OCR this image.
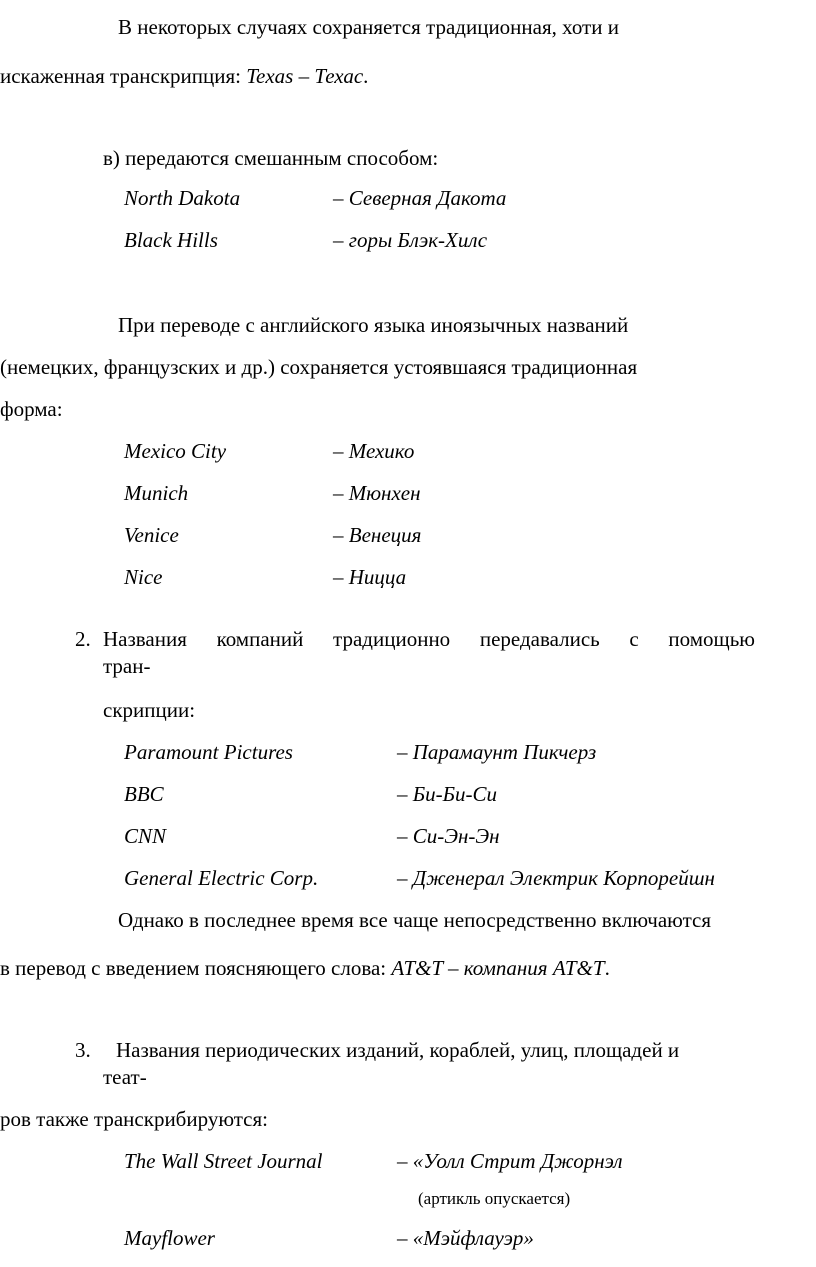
В некоторых случаях сохраняется традиционная, хоти и
искаженная транскрипция: Texas – Техас.
в) передаются смешанным способом:
North Dakota	– Северная Дакота
Black Hills	– горы Блэк-Хилс
При переводе с английского языка иноязычных названий
(немецких, французских и др.) сохраняется устоявшаяся традиционная
форма:
Mexico City	– Мехико
Munich	– Мюнхен
Venice	– Венеция
Nice	– Ницца
2. Названия компаний традиционно передавались с помощью
тран-
скрипции:
Paramount Pictures	– Парамаунт Пикчерз
BBC	– Би-Би-Си
CNN	– Си-Эн-Эн
General Electric Corp.	– Дженерал Электрик Корпорейшн
Однако в последнее время все чаще непосредственно включаются
в перевод с введением поясняющего слова: AT&T – компания AT&T.
3. Названия периодических изданий, кораблей, улиц, площадей и
теат-
ров также транскрибируются:
The Wall Street Journal	– «Уолл Стрит Джорнэл
(артикль опускается)
Mayflower	– «Мэйфлауэр»
